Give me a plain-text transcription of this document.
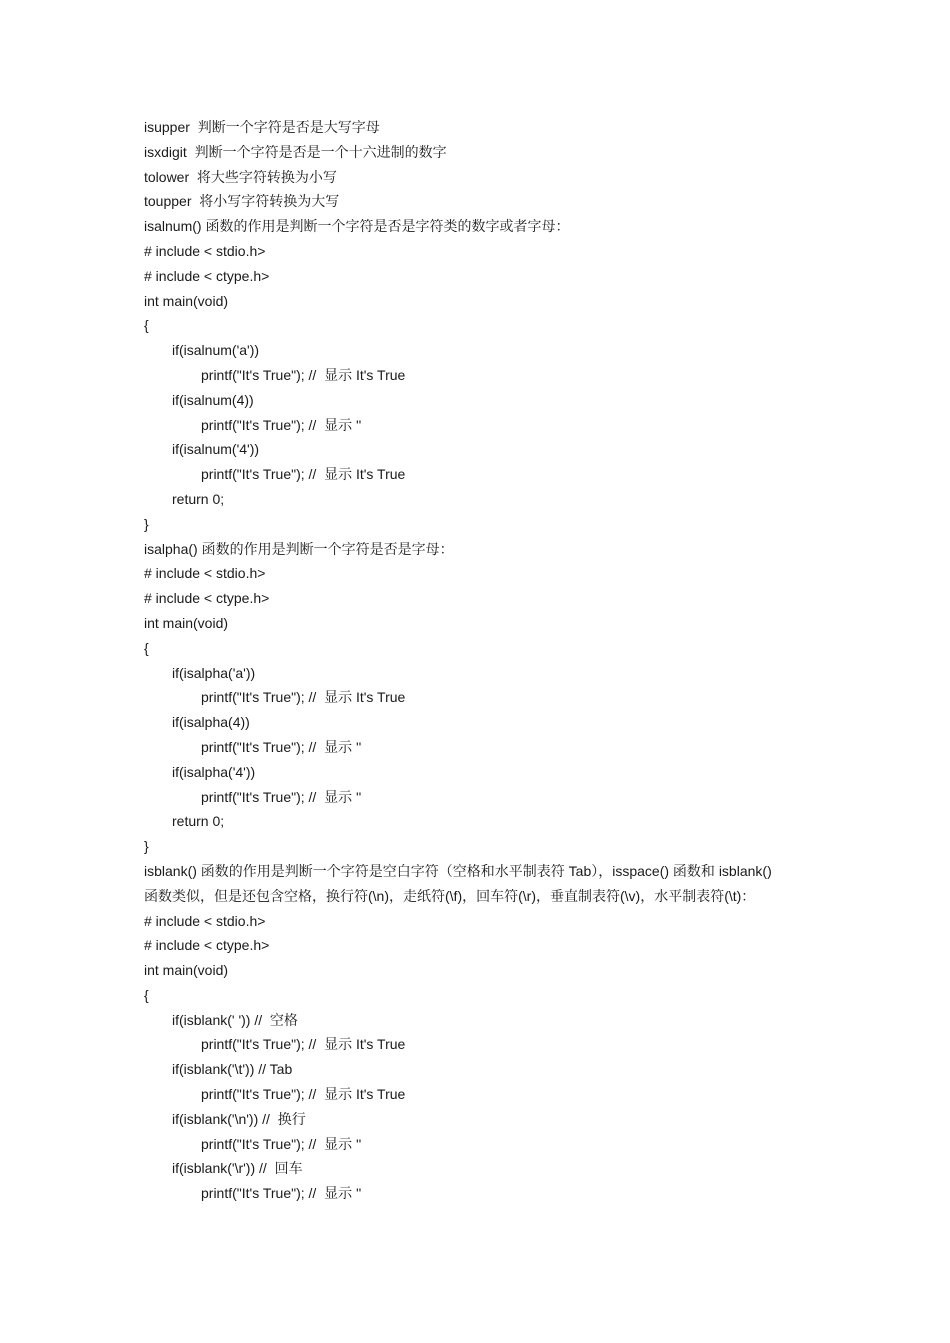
isupper  判断一个字符是否是大写字母
isxdigit  判断一个字符是否是一个十六进制的数字
tolower  将大些字符转换为小写
toupper  将小写字符转换为大写
isalnum() 函数的作用是判断一个字符是否是字符类的数字或者字母：
# include < stdio.h>
# include < ctype.h>
int main(void)
{
if(isalnum('a'))
printf("It's True"); //  显示 It's True
if(isalnum(4))
printf("It's True"); //  显示 ''
if(isalnum('4'))
printf("It's True"); //  显示 It's True
return 0;
}
isalpha() 函数的作用是判断一个字符是否是字母：
# include < stdio.h>
# include < ctype.h>
int main(void)
{
if(isalpha('a'))
printf("It's True"); //  显示 It's True
if(isalpha(4))
printf("It's True"); //  显示 ''
if(isalpha('4'))
printf("It's True"); //  显示 ''
return 0;
}
isblank() 函数的作用是判断一个字符是空白字符（空格和水平制表符 Tab），isspace() 函数和 isblank()
函数类似，但是还包含空格，换行符(\n)，走纸符(\f)，回车符(\r)，垂直制表符(\v)，水平制表符(\t)：
# include < stdio.h>
# include < ctype.h>
int main(void)
{
if(isblank(' ')) //  空格
printf("It's True"); //  显示 It's True
if(isblank('\t')) // Tab
printf("It's True"); //  显示 It's True
if(isblank('\n')) //  换行
printf("It's True"); //  显示 ''
if(isblank('\r')) //  回车
printf("It's True"); //  显示 ''
